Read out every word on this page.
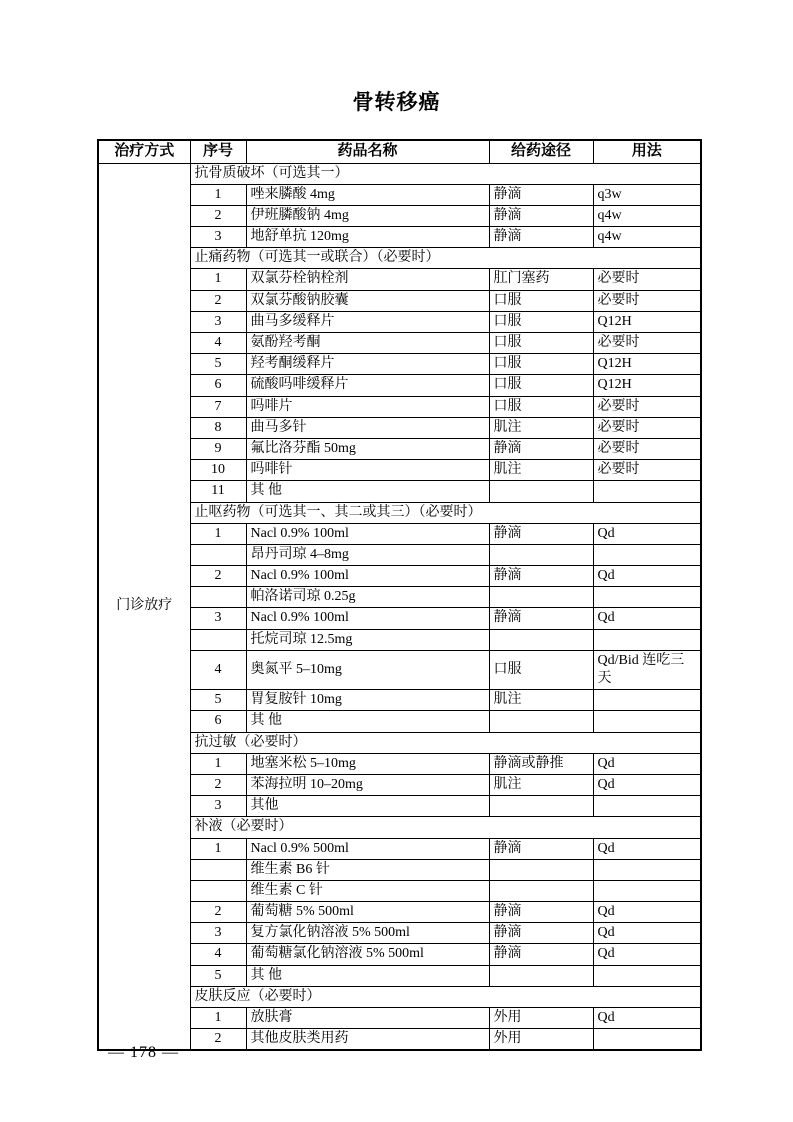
骨转移癌
治疗方式	序号	药品名称	给药途径	用法
门诊放疗	抗骨质破坏（可选其一）			
	1	唑来膦酸 4mg	静滴	q3w
	2	伊班膦酸钠 4mg	静滴	q4w
	3	地舒单抗 120mg	静滴	q4w
	止痛药物（可选其一或联合）（必要时）			
	1	双氯芬栓钠栓剂	肛门塞药	必要时
	2	双氯芬酸钠胶囊	口服	必要时
	3	曲马多缓释片	口服	Q12H
	4	氨酚羟考酮	口服	必要时
	5	羟考酮缓释片	口服	Q12H
	6	硫酸吗啡缓释片	口服	Q12H
	7	吗啡片	口服	必要时
	8	曲马多针	肌注	必要时
	9	氟比洛芬酯 50mg	静滴	必要时
	10	吗啡针	肌注	必要时
	11	其 他		
	止呕药物（可选其一、其二或其三）（必要时）			
	1	Nacl 0.9% 100ml	静滴	Qd
		昂丹司琼 4–8mg		
	2	Nacl 0.9% 100ml	静滴	Qd
		帕洛诺司琼 0.25g		
	3	Nacl 0.9% 100ml	静滴	Qd
		托烷司琼 12.5mg		
	4	奥氮平 5–10mg	口服	Qd/Bid 连吃三天
	5	胃复胺针 10mg	肌注	
	6	其 他		
	抗过敏（必要时）			
	1	地塞米松 5–10mg	静滴或静推	Qd
	2	苯海拉明 10–20mg	肌注	Qd
	3	其他		
	补液（必要时）			
	1	Nacl 0.9% 500ml	静滴	Qd
		维生素 B6 针		
		维生素 C 针		
	2	葡萄糖 5% 500ml	静滴	Qd
	3	复方氯化钠溶液 5% 500ml	静滴	Qd
	4	葡萄糖氯化钠溶液 5% 500ml	静滴	Qd
	5	其 他		
	皮肤反应（必要时）			
	1	放肤膏	外用	Qd
	2	其他皮肤类用药	外用	
— 178 —
